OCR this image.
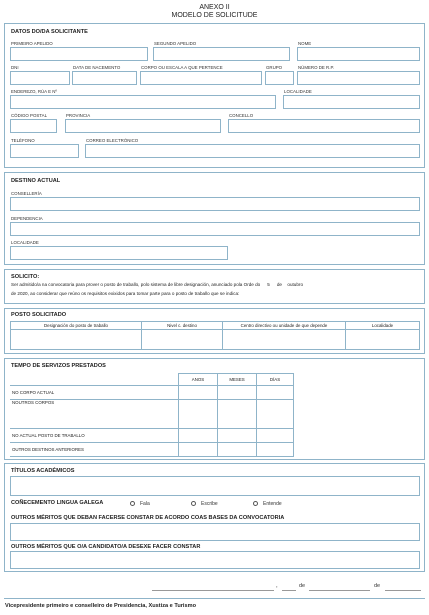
ANEXO II
MODELO DE SOLICITUDE
DATOS DO/DA SOLICITANTE
PRIMEIRO APELIDO	SEGUNDO APELIDO	NOME
DNI	DATA DE NACEMENTO	CORPO OU ESCALA A QUE PERTENCE	GRUPO	NÚMERO DE R.P.
ENDEREZO, RÚA E Nº	LOCALIDADE
CÓDIGO POSTAL	PROVINCIA	CONCELLO
TELÉFONO	CORREO ELECTRÓNICO
DESTINO ACTUAL
CONSELLERÍA
DEPENDENCIA
LOCALIDADE
SOLICITO:
Ser admitido/a na convocatoria para prover o posto de traballo, polo sistema de libre designación, anunciado pola Orde do 5 de outubro
de 2020, ao considerar que reúno os requisitos exixidos para tomar parte para o posto de traballo que se indica:
POSTO SOLICITADO
Designación do posto de traballo	Nivel c. destino	Centro directivo ou unidade de que depende	Localidade

TEMPO DE SERVIZOS PRESTADOS
	ANOS	MESES	DÍAS
NO CORPO ACTUAL			
NOUTROS CORPOS			
NO ACTUAL POSTO DE TRABALLO			
OUTROS DESTINOS ANTERIORES			
TÍTULOS ACADÉMICOS
COÑECEMENTO LINGUA GALEGA	Fala	Escribe	Entende
OUTROS MÉRITOS QUE DEBAN FACERSE CONSTAR DE ACORDO COAS BASES DA CONVOCATORIA
OUTROS MÉRITOS QUE O/A CANDIDATO/A DESEXE FACER CONSTAR
,	de	de
Vicepresidente primeiro e conselleiro de Presidencia, Xustiza e Turismo
